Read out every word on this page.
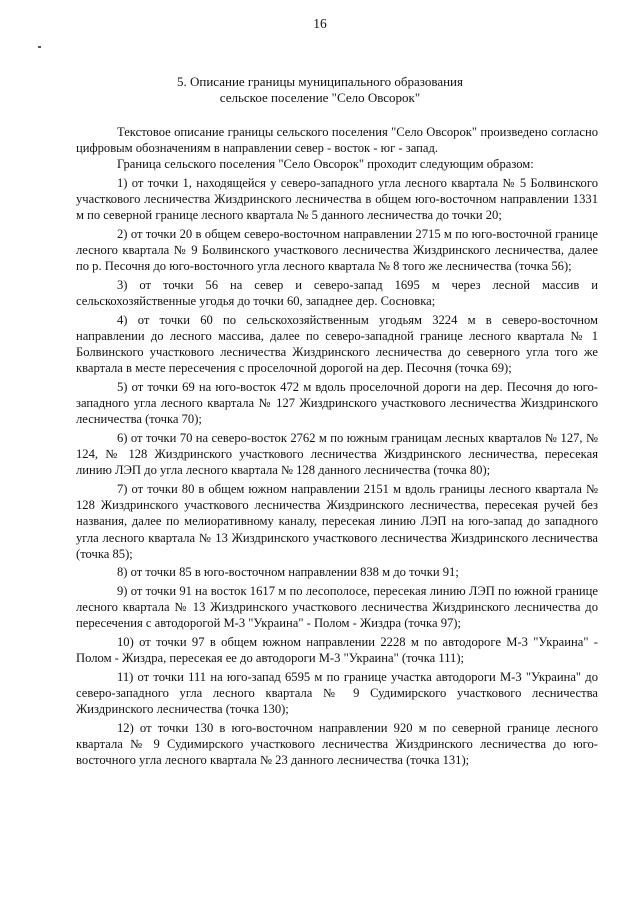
16
5. Описание границы муниципального образования
сельское поселение "Село Овсорок"

Текстовое описание границы сельского поселения "Село Овсорок" произведено согласно цифровым обозначениям в направлении север - восток - юг - запад.

Граница сельского поселения "Село Овсорок" проходит следующим образом:

1) от точки 1, находящейся у северо-западного угла лесного квартала № 5 Болвинского участкового лесничества Жиздринского лесничества в общем юго-восточном направлении 1331 м по северной границе лесного квартала № 5 данного лесничества до точки 20;

2) от точки 20 в общем северо-восточном направлении 2715 м по юго-восточной границе лесного квартала № 9 Болвинского участкового лесничества Жиздринского лесничества, далее по р. Песочня до юго-восточного угла лесного квартала № 8 того же лесничества (точка 56);

3) от точки 56 на север и северо-запад 1695 м через лесной массив и сельскохозяйственные угодья до точки 60, западнее дер. Сосновка;

4) от точки 60 по сельскохозяйственным угодьям 3224 м в северо-восточном направлении до лесного массива, далее по северо-западной границе лесного квартала № 1 Болвинского участкового лесничества Жиздринского лесничества до северного угла того же квартала в месте пересечения с проселочной дорогой на дер. Песочня (точка 69);

5) от точки 69 на юго-восток 472 м вдоль проселочной дороги на дер. Песочня до юго-западного угла лесного квартала № 127 Жиздринского участкового лесничества Жиздринского лесничества (точка 70);

6) от точки 70 на северо-восток 2762 м по южным границам лесных кварталов № 127, № 124, № 128 Жиздринского участкового лесничества Жиздринского лесничества, пересекая линию ЛЭП до угла лесного квартала № 128 данного лесничества (точка 80);

7) от точки 80 в общем южном направлении 2151 м вдоль границы лесного квартала № 128 Жиздринского участкового лесничества Жиздринского лесничества, пересекая ручей без названия, далее по мелиоративному каналу, пересекая линию ЛЭП на юго-запад до западного угла лесного квартала № 13 Жиздринского участкового лесничества Жиздринского лесничества (точка 85);

8) от точки 85 в юго-восточном направлении 838 м до точки 91;

9) от точки 91 на восток 1617 м по лесополосе, пересекая линию ЛЭП по южной границе лесного квартала № 13 Жиздринского участкового лесничества Жиздринского лесничества до пересечения с автодорогой М-3 "Украина" - Полом - Жиздра (точка 97);

10) от точки 97 в общем южном направлении 2228 м по автодороге М-3 "Украина" - Полом - Жиздра, пересекая ее до автодороги М-3 "Украина" (точка 111);

11) от точки 111 на юго-запад 6595 м по границе участка автодороги М-3 "Украина" до северо-западного угла лесного квартала № 9 Судимирского участкового лесничества Жиздринского лесничества (точка 130);

12) от точки 130 в юго-восточном направлении 920 м по северной границе лесного квартала № 9 Судимирского участкового лесничества Жиздринского лесничества до юго-восточного угла лесного квартала № 23 данного лесничества (точка 131);
